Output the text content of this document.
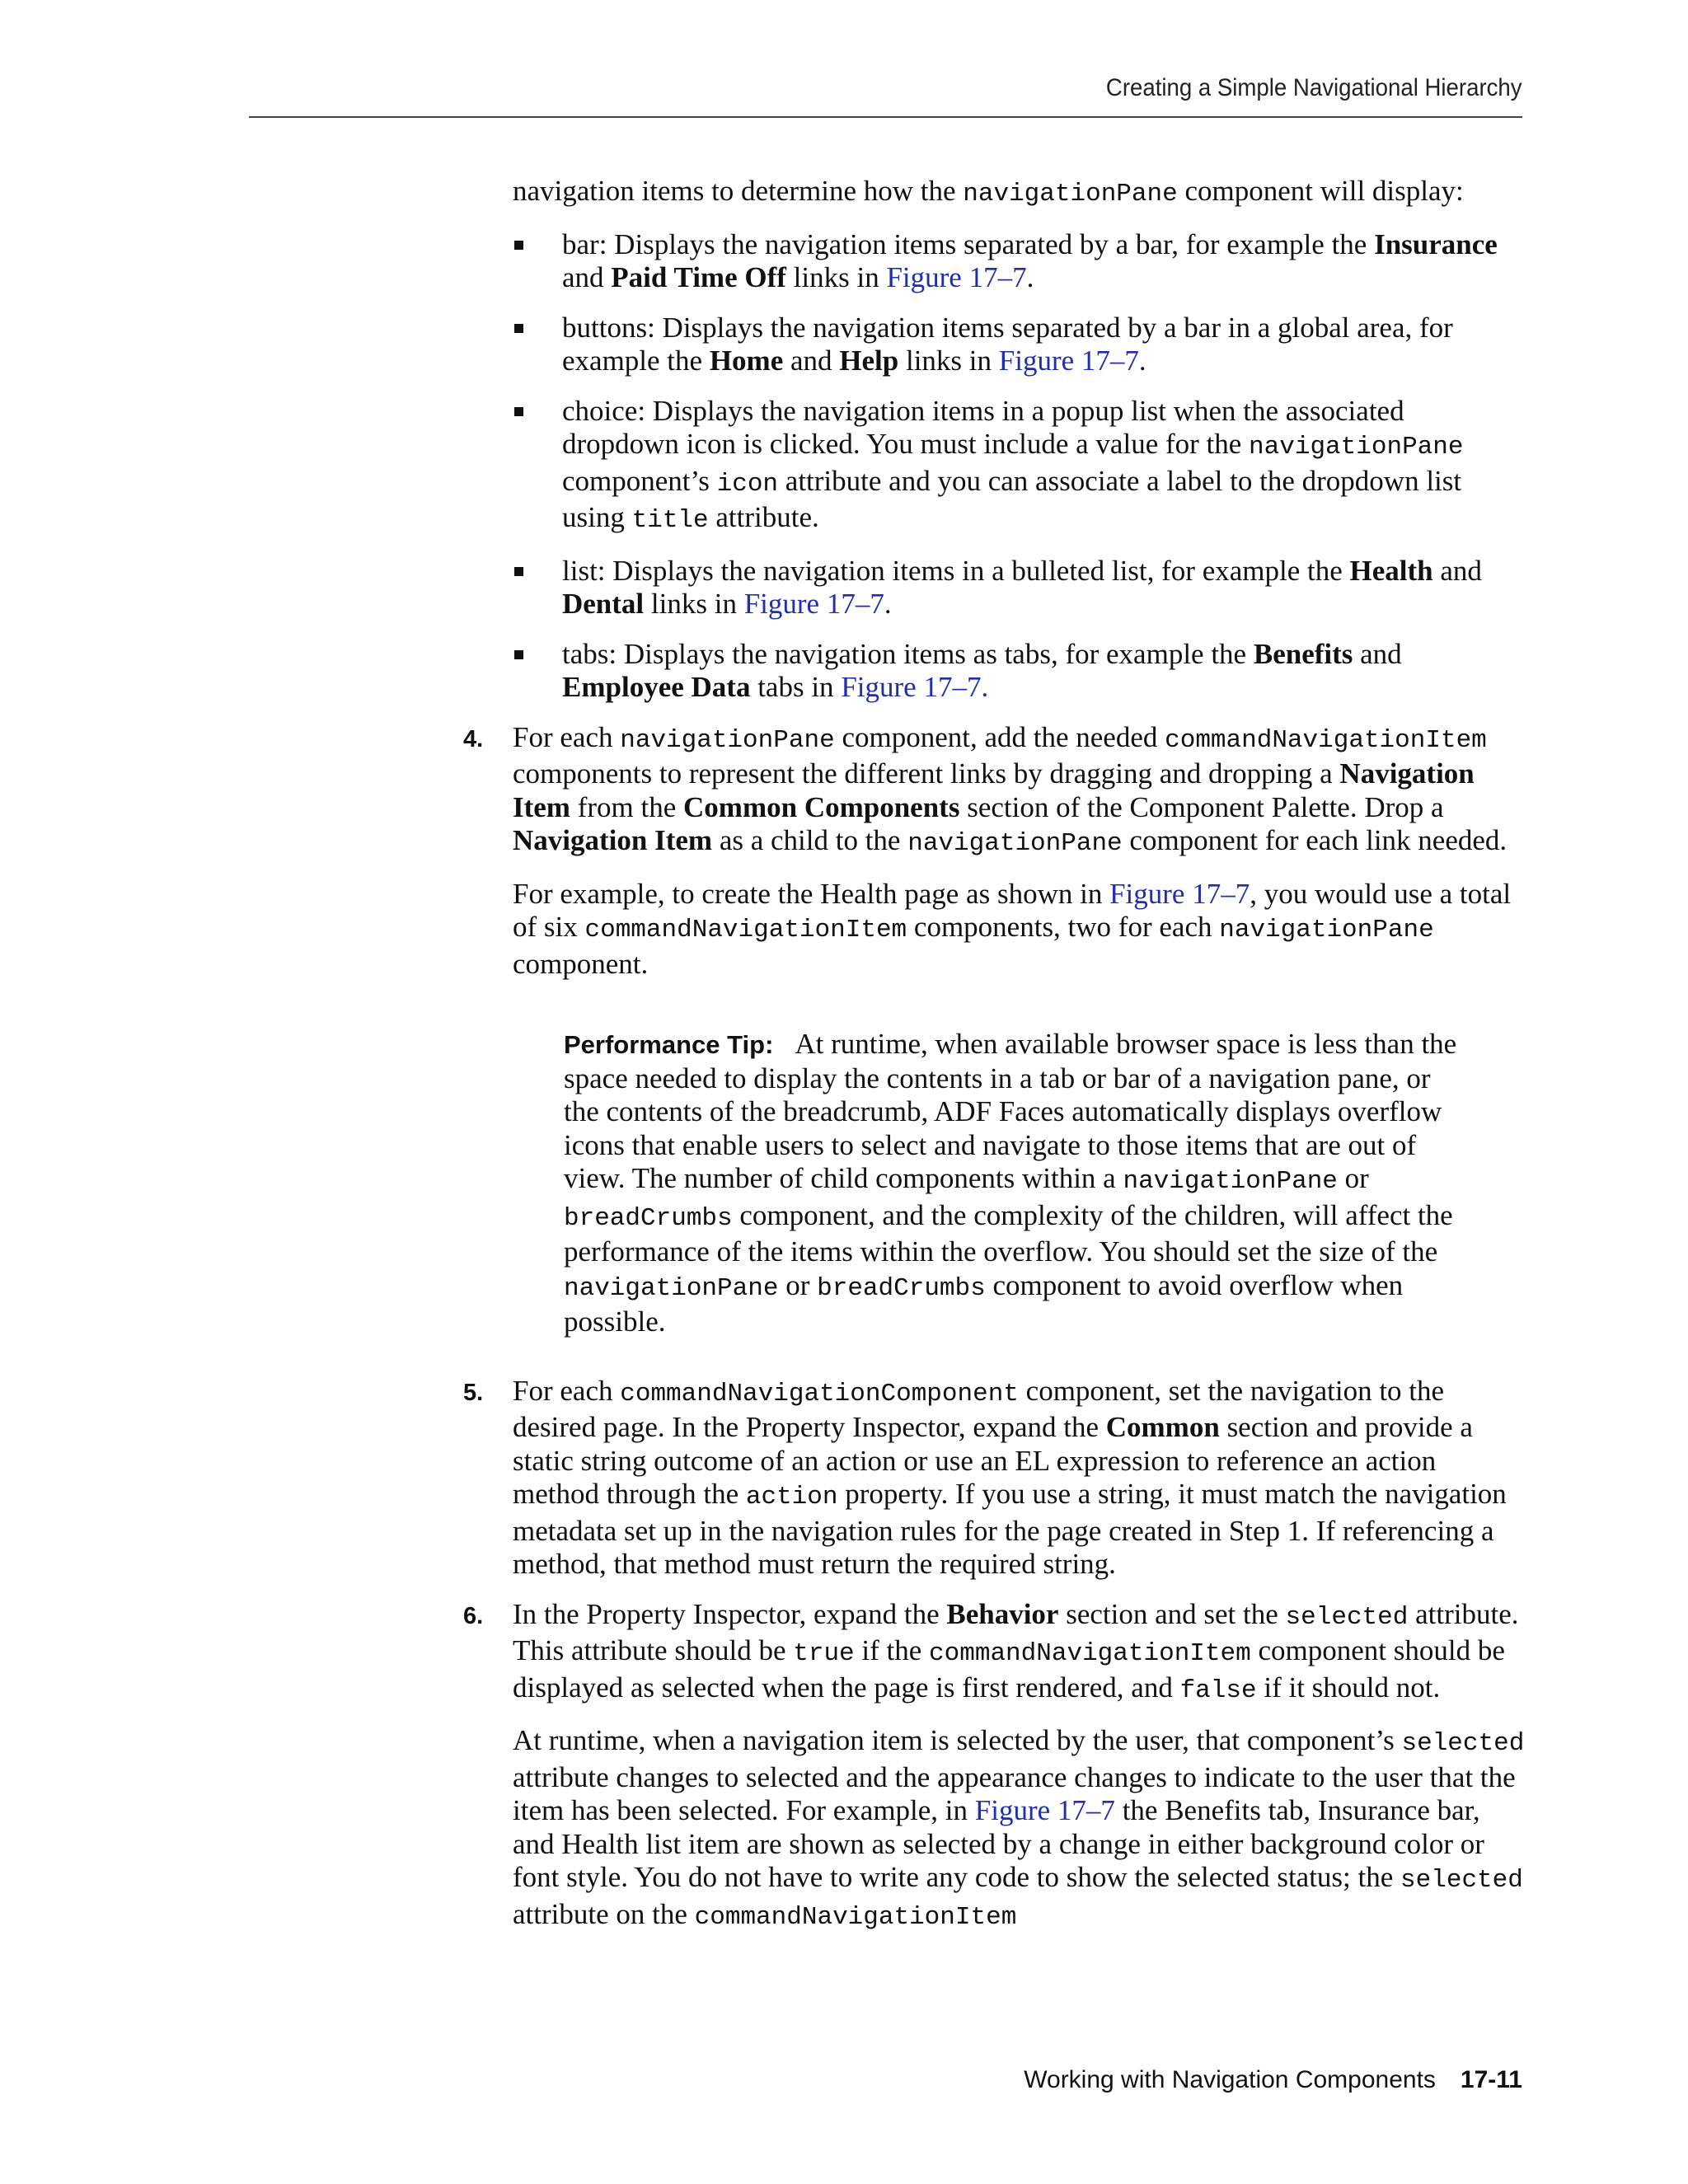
Creating a Simple Navigational Hierarchy

navigation items to determine how the navigationPane component will display:

bar: Displays the navigation items separated by a bar, for example the Insurance and Paid Time Off links in Figure 17–7.
buttons: Displays the navigation items separated by a bar in a global area, for example the Home and Help links in Figure 17–7.
choice: Displays the navigation items in a popup list when the associated dropdown icon is clicked. You must include a value for the navigationPane component’s icon attribute and you can associate a label to the dropdown list using title attribute.
list: Displays the navigation items in a bulleted list, for example the Health and Dental links in Figure 17–7.
tabs: Displays the navigation items as tabs, for example the Benefits and Employee Data tabs in Figure 17–7.
4. For each navigationPane component, add the needed commandNavigationItem components to represent the different links by dragging and dropping a Navigation Item from the Common Components section of the Component Palette. Drop a Navigation Item as a child to the navigationPane component for each link needed.

For example, to create the Health page as shown in Figure 17–7, you would use a total of six commandNavigationItem components, two for each navigationPane component.

Performance Tip: At runtime, when available browser space is less than the space needed to display the contents in a tab or bar of a navigation pane, or the contents of the breadcrumb, ADF Faces automatically displays overflow icons that enable users to select and navigate to those items that are out of view. The number of child components within a navigationPane or breadCrumbs component, and the complexity of the children, will affect the performance of the items within the overflow. You should set the size of the navigationPane or breadCrumbs component to avoid overflow when possible.
5. For each commandNavigationComponent component, set the navigation to the desired page. In the Property Inspector, expand the Common section and provide a static string outcome of an action or use an EL expression to reference an action method through the action property. If you use a string, it must match the navigation metadata set up in the navigation rules for the page created in Step 1. If referencing a method, that method must return the required string.

6. In the Property Inspector, expand the Behavior section and set the selected attribute. This attribute should be true if the commandNavigationItem component should be displayed as selected when the page is first rendered, and false if it should not.

At runtime, when a navigation item is selected by the user, that component’s selected attribute changes to selected and the appearance changes to indicate to the user that the item has been selected. For example, in Figure 17–7 the Benefits tab, Insurance bar, and Health list item are shown as selected by a change in either background color or font style. You do not have to write any code to show the selected status; the selected attribute on the commandNavigationItem

Working with Navigation Components 17-11
